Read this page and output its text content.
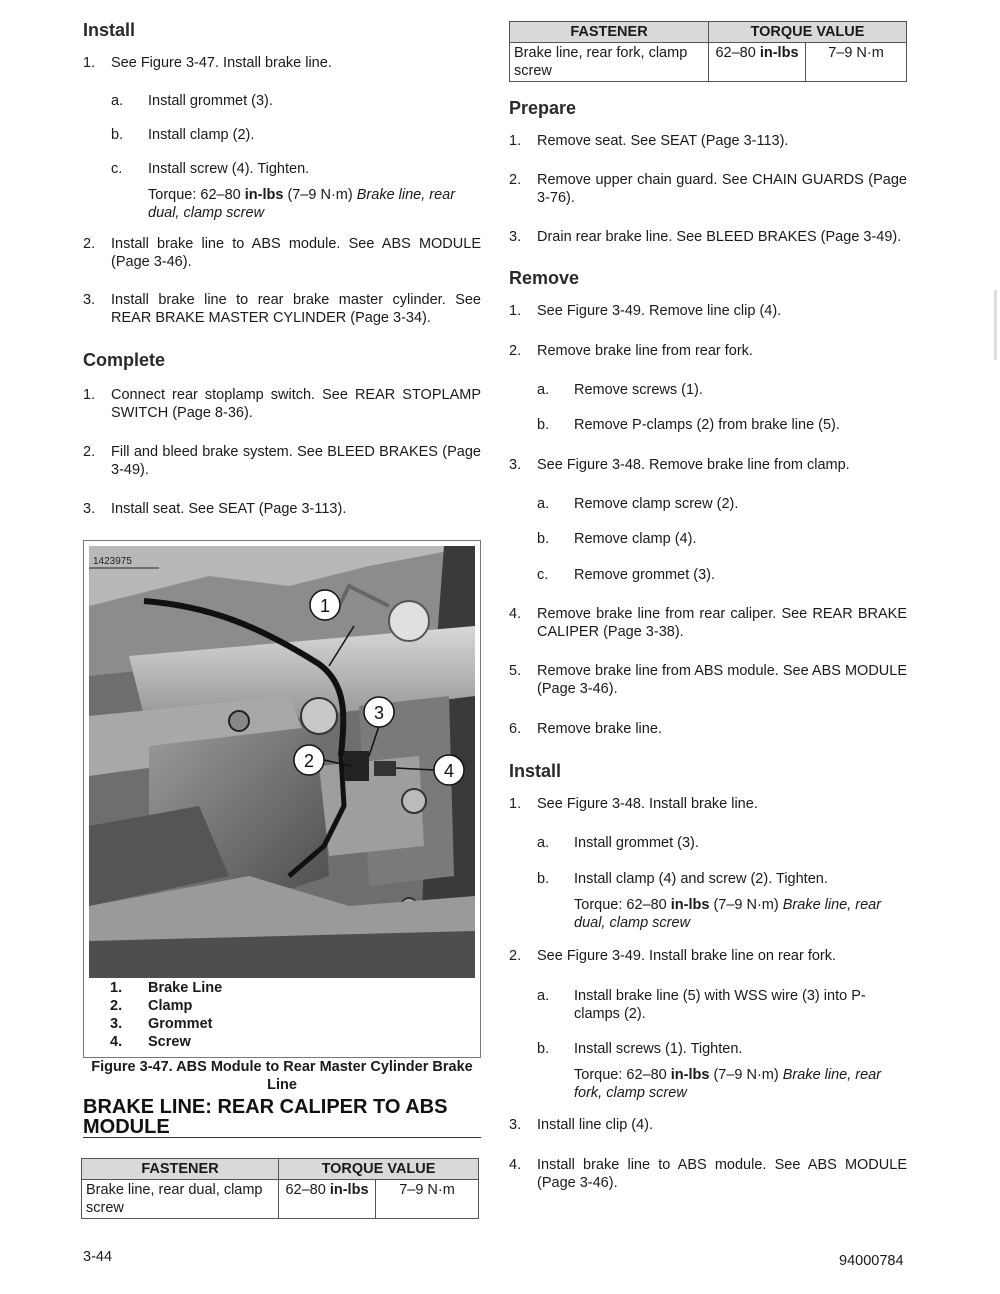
Install
1. See Figure 3-47. Install brake line.
a. Install grommet (3).
b. Install clamp (2).
c. Install screw (4). Tighten.
Torque: 62–80 in-lbs (7–9 N·m) Brake line, rear dual, clamp screw
2. Install brake line to ABS module. See ABS MODULE (Page 3-46).
3. Install brake line to rear brake master cylinder. See REAR BRAKE MASTER CYLINDER (Page 3-34).
Complete
1. Connect rear stoplamp switch. See REAR STOPLAMP SWITCH (Page 8-36).
2. Fill and bleed brake system. See BLEED BRAKES (Page 3-49).
3. Install seat. See SEAT (Page 3-113).
1423975
1
3
2	4
1. Brake Line
2. Clamp
3. Grommet
4. Screw
Figure 3-47. ABS Module to Rear Master Cylinder Brake Line
BRAKE LINE: REAR CALIPER TO ABS MODULE
FASTENER	TORQUE VALUE	
Brake line, rear dual, clamp screw	62–80 in-lbs	7–9 N·m
FASTENER	TORQUE VALUE	
Brake line, rear fork, clamp screw	62–80 in-lbs	7–9 N·m
Prepare
1. Remove seat. See SEAT (Page 3-113).
2. Remove upper chain guard. See CHAIN GUARDS (Page 3-76).
3. Drain rear brake line. See BLEED BRAKES (Page 3-49).
Remove
1. See Figure 3-49. Remove line clip (4).
2. Remove brake line from rear fork.
a. Remove screws (1).
b. Remove P-clamps (2) from brake line (5).
3. See Figure 3-48. Remove brake line from clamp.
a. Remove clamp screw (2).
b. Remove clamp (4).
c. Remove grommet (3).
4. Remove brake line from rear caliper. See REAR BRAKE CALIPER (Page 3-38).
5. Remove brake line from ABS module. See ABS MODULE (Page 3-46).
6. Remove brake line.
Install
1. See Figure 3-48. Install brake line.
a. Install grommet (3).
b. Install clamp (4) and screw (2). Tighten.
Torque: 62–80 in-lbs (7–9 N·m) Brake line, rear dual, clamp screw
2. See Figure 3-49. Install brake line on rear fork.
a. Install brake line (5) with WSS wire (3) into P-clamps (2).
b. Install screws (1). Tighten.
Torque: 62–80 in-lbs (7–9 N·m) Brake line, rear fork, clamp screw
3. Install line clip (4).
4. Install brake line to ABS module. See ABS MODULE (Page 3-46).
3-44	94000784
